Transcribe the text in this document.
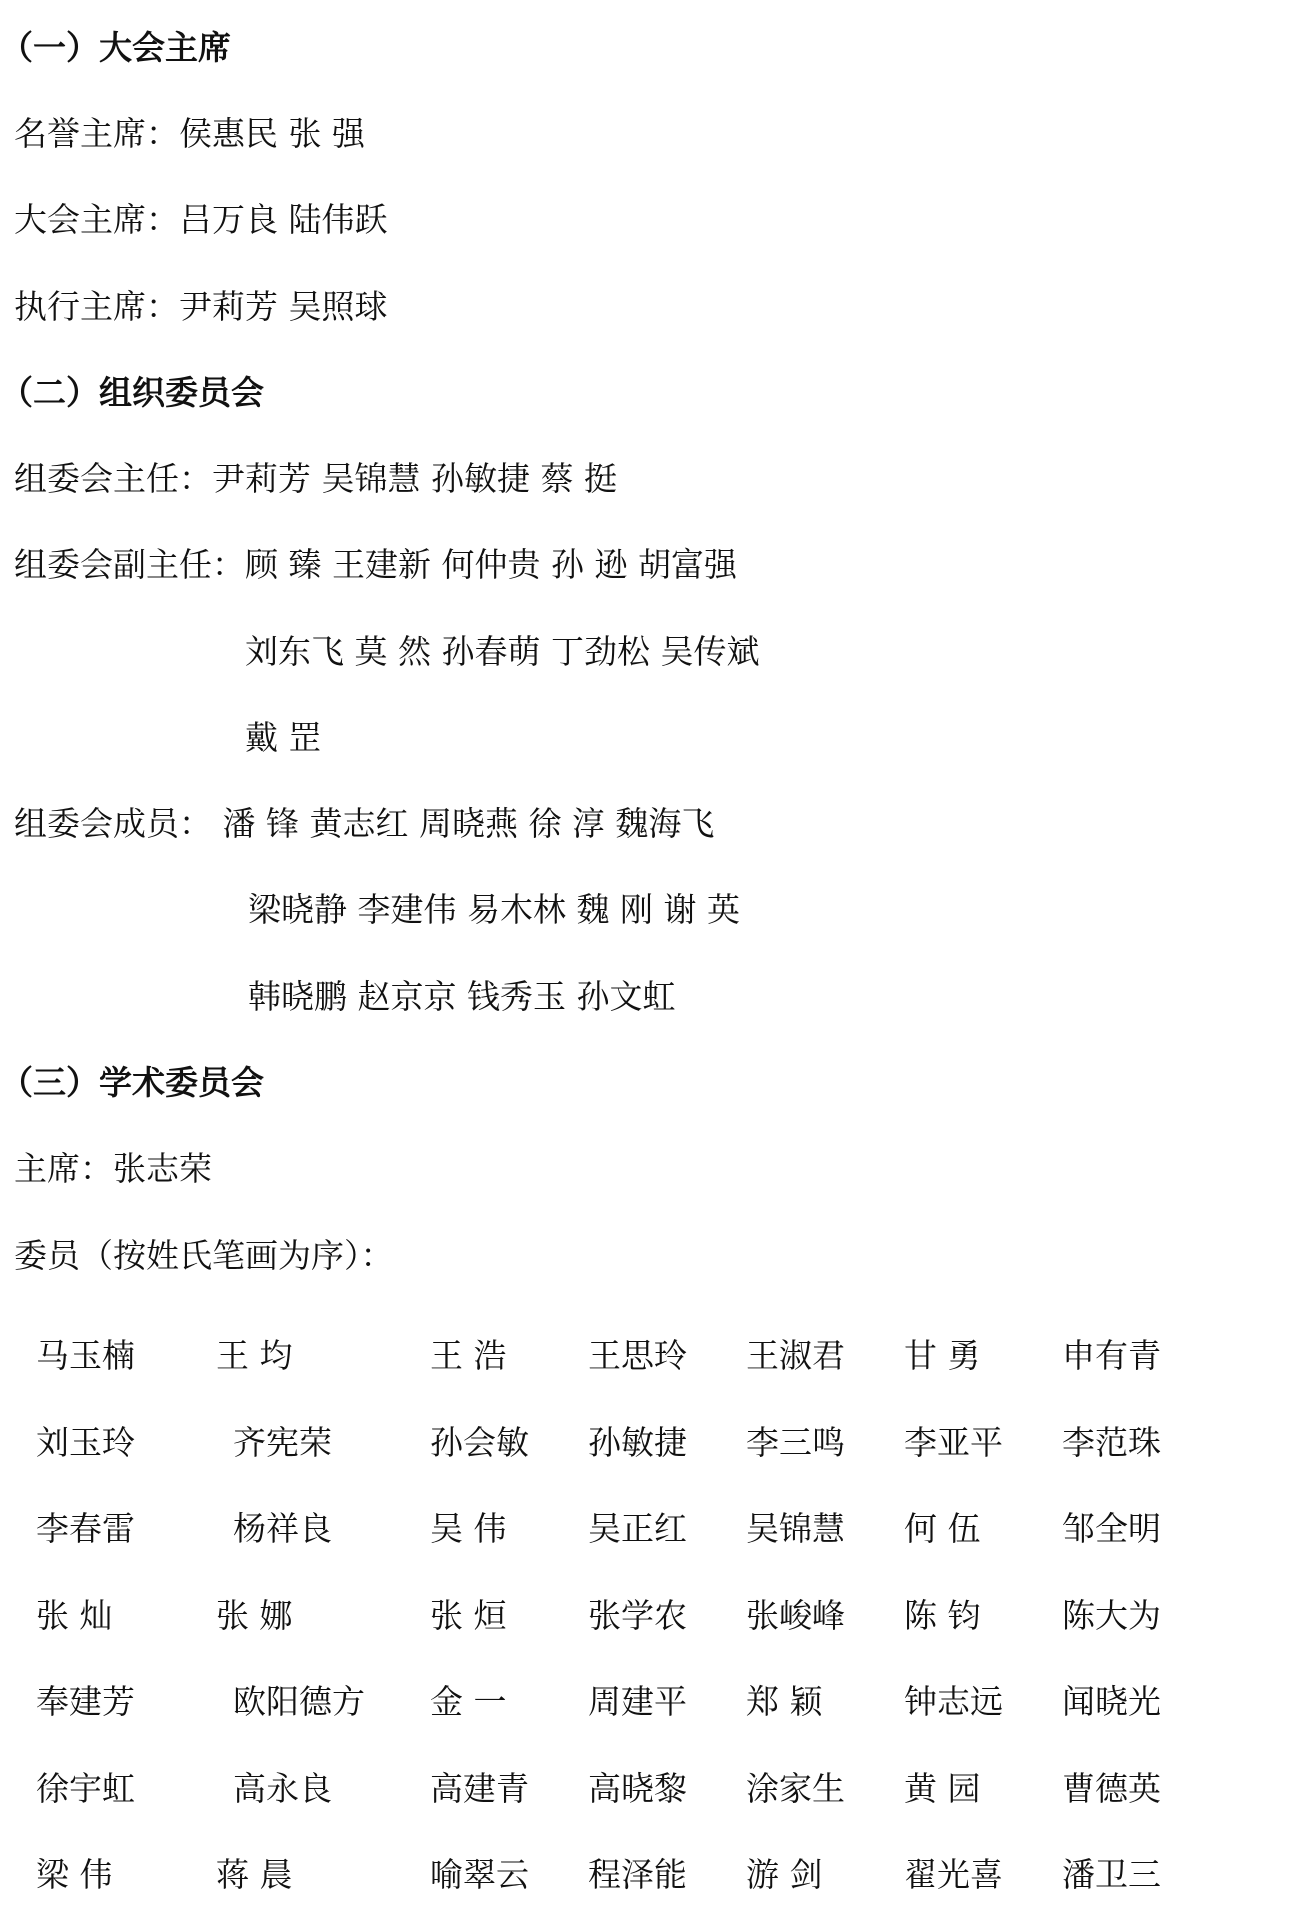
（一）大会主席
名誉主席：侯惠民 张 强
大会主席：吕万良 陆伟跃
执行主席：尹莉芳 吴照球
（二）组织委员会
组委会主任：尹莉芳 吴锦慧 孙敏捷 蔡 挺
组委会副主任：顾 臻 王建新 何仲贵 孙 逊 胡富强
刘东飞 莫 然 孙春萌 丁劲松 吴传斌
戴 罡
组委会成员： 潘 锋 黄志红 周晓燕 徐 淳 魏海飞
梁晓静 李建伟 易木林 魏 刚 谢 英
韩晓鹏 赵京京 钱秀玉 孙文虹
（三）学术委员会
主席：张志荣
委员（按姓氏笔画为序）：
马玉楠 王 均	王 浩 王思玲 王淑君 甘 勇 申有青
刘玉玲	齐宪荣	孙会敏 孙敏捷 李三鸣 李亚平 李范珠
李春雷	杨祥良	吴 伟 吴正红 吴锦慧 何 伍 邹全明
张 灿	张 娜	张 烜 张学农 张峻峰 陈 钧 陈大为
奉建芳	欧阳德方 金 一 周建平 郑 颖 钟志远 闻晓光
徐宇虹	高永良	高建青 高晓黎 涂家生 黄 园 曹德英
梁 伟	蒋 晨	喻翠云 程泽能 游 剑 翟光喜 潘卫三
